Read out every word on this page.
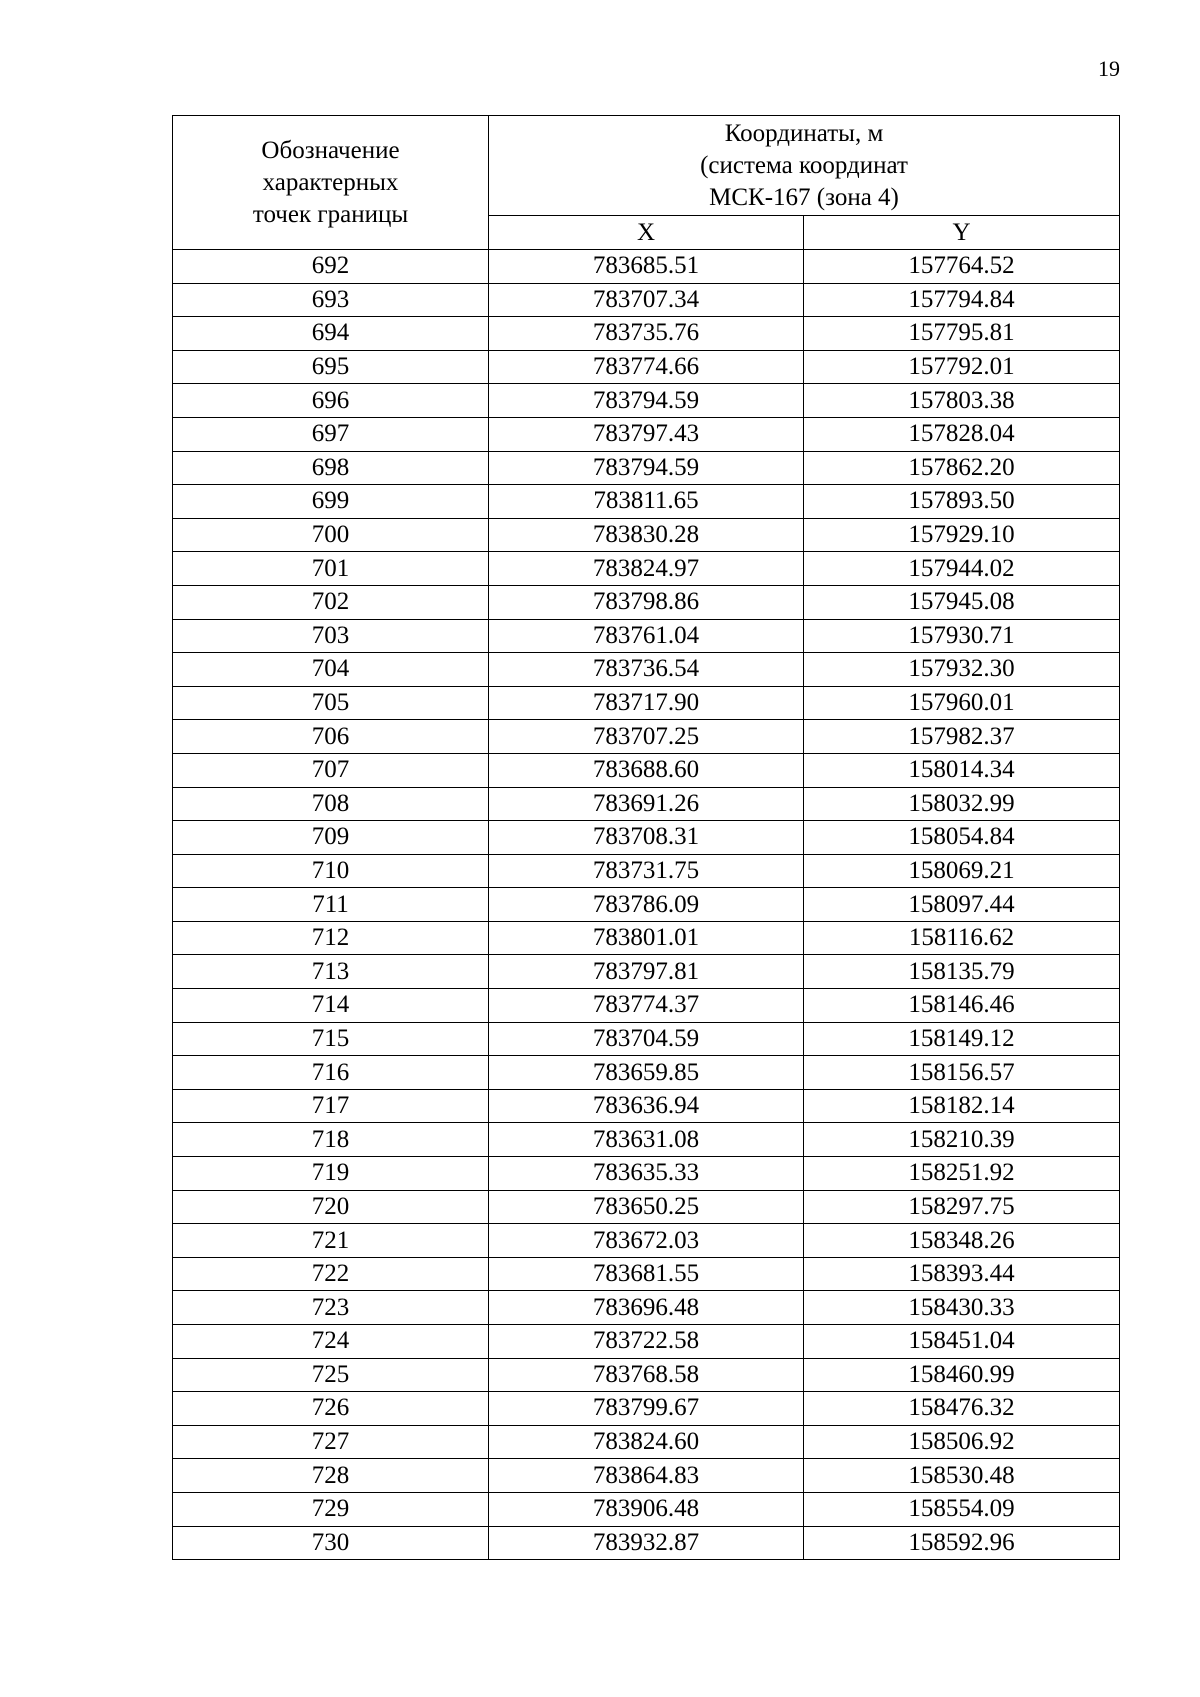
19
Обозначение
характерных
точек границы	Координаты, м
(система координат
МСК-167 (зона 4)	

	X	Y
692	783685.51	157764.52
693	783707.34	157794.84
694	783735.76	157795.81
695	783774.66	157792.01
696	783794.59	157803.38
697	783797.43	157828.04
698	783794.59	157862.20
699	783811.65	157893.50
700	783830.28	157929.10
701	783824.97	157944.02
702	783798.86	157945.08
703	783761.04	157930.71
704	783736.54	157932.30
705	783717.90	157960.01
706	783707.25	157982.37
707	783688.60	158014.34
708	783691.26	158032.99
709	783708.31	158054.84
710	783731.75	158069.21
711	783786.09	158097.44
712	783801.01	158116.62
713	783797.81	158135.79
714	783774.37	158146.46
715	783704.59	158149.12
716	783659.85	158156.57
717	783636.94	158182.14
718	783631.08	158210.39
719	783635.33	158251.92
720	783650.25	158297.75
721	783672.03	158348.26
722	783681.55	158393.44
723	783696.48	158430.33
724	783722.58	158451.04
725	783768.58	158460.99
726	783799.67	158476.32
727	783824.60	158506.92
728	783864.83	158530.48
729	783906.48	158554.09
730	783932.87	158592.96
